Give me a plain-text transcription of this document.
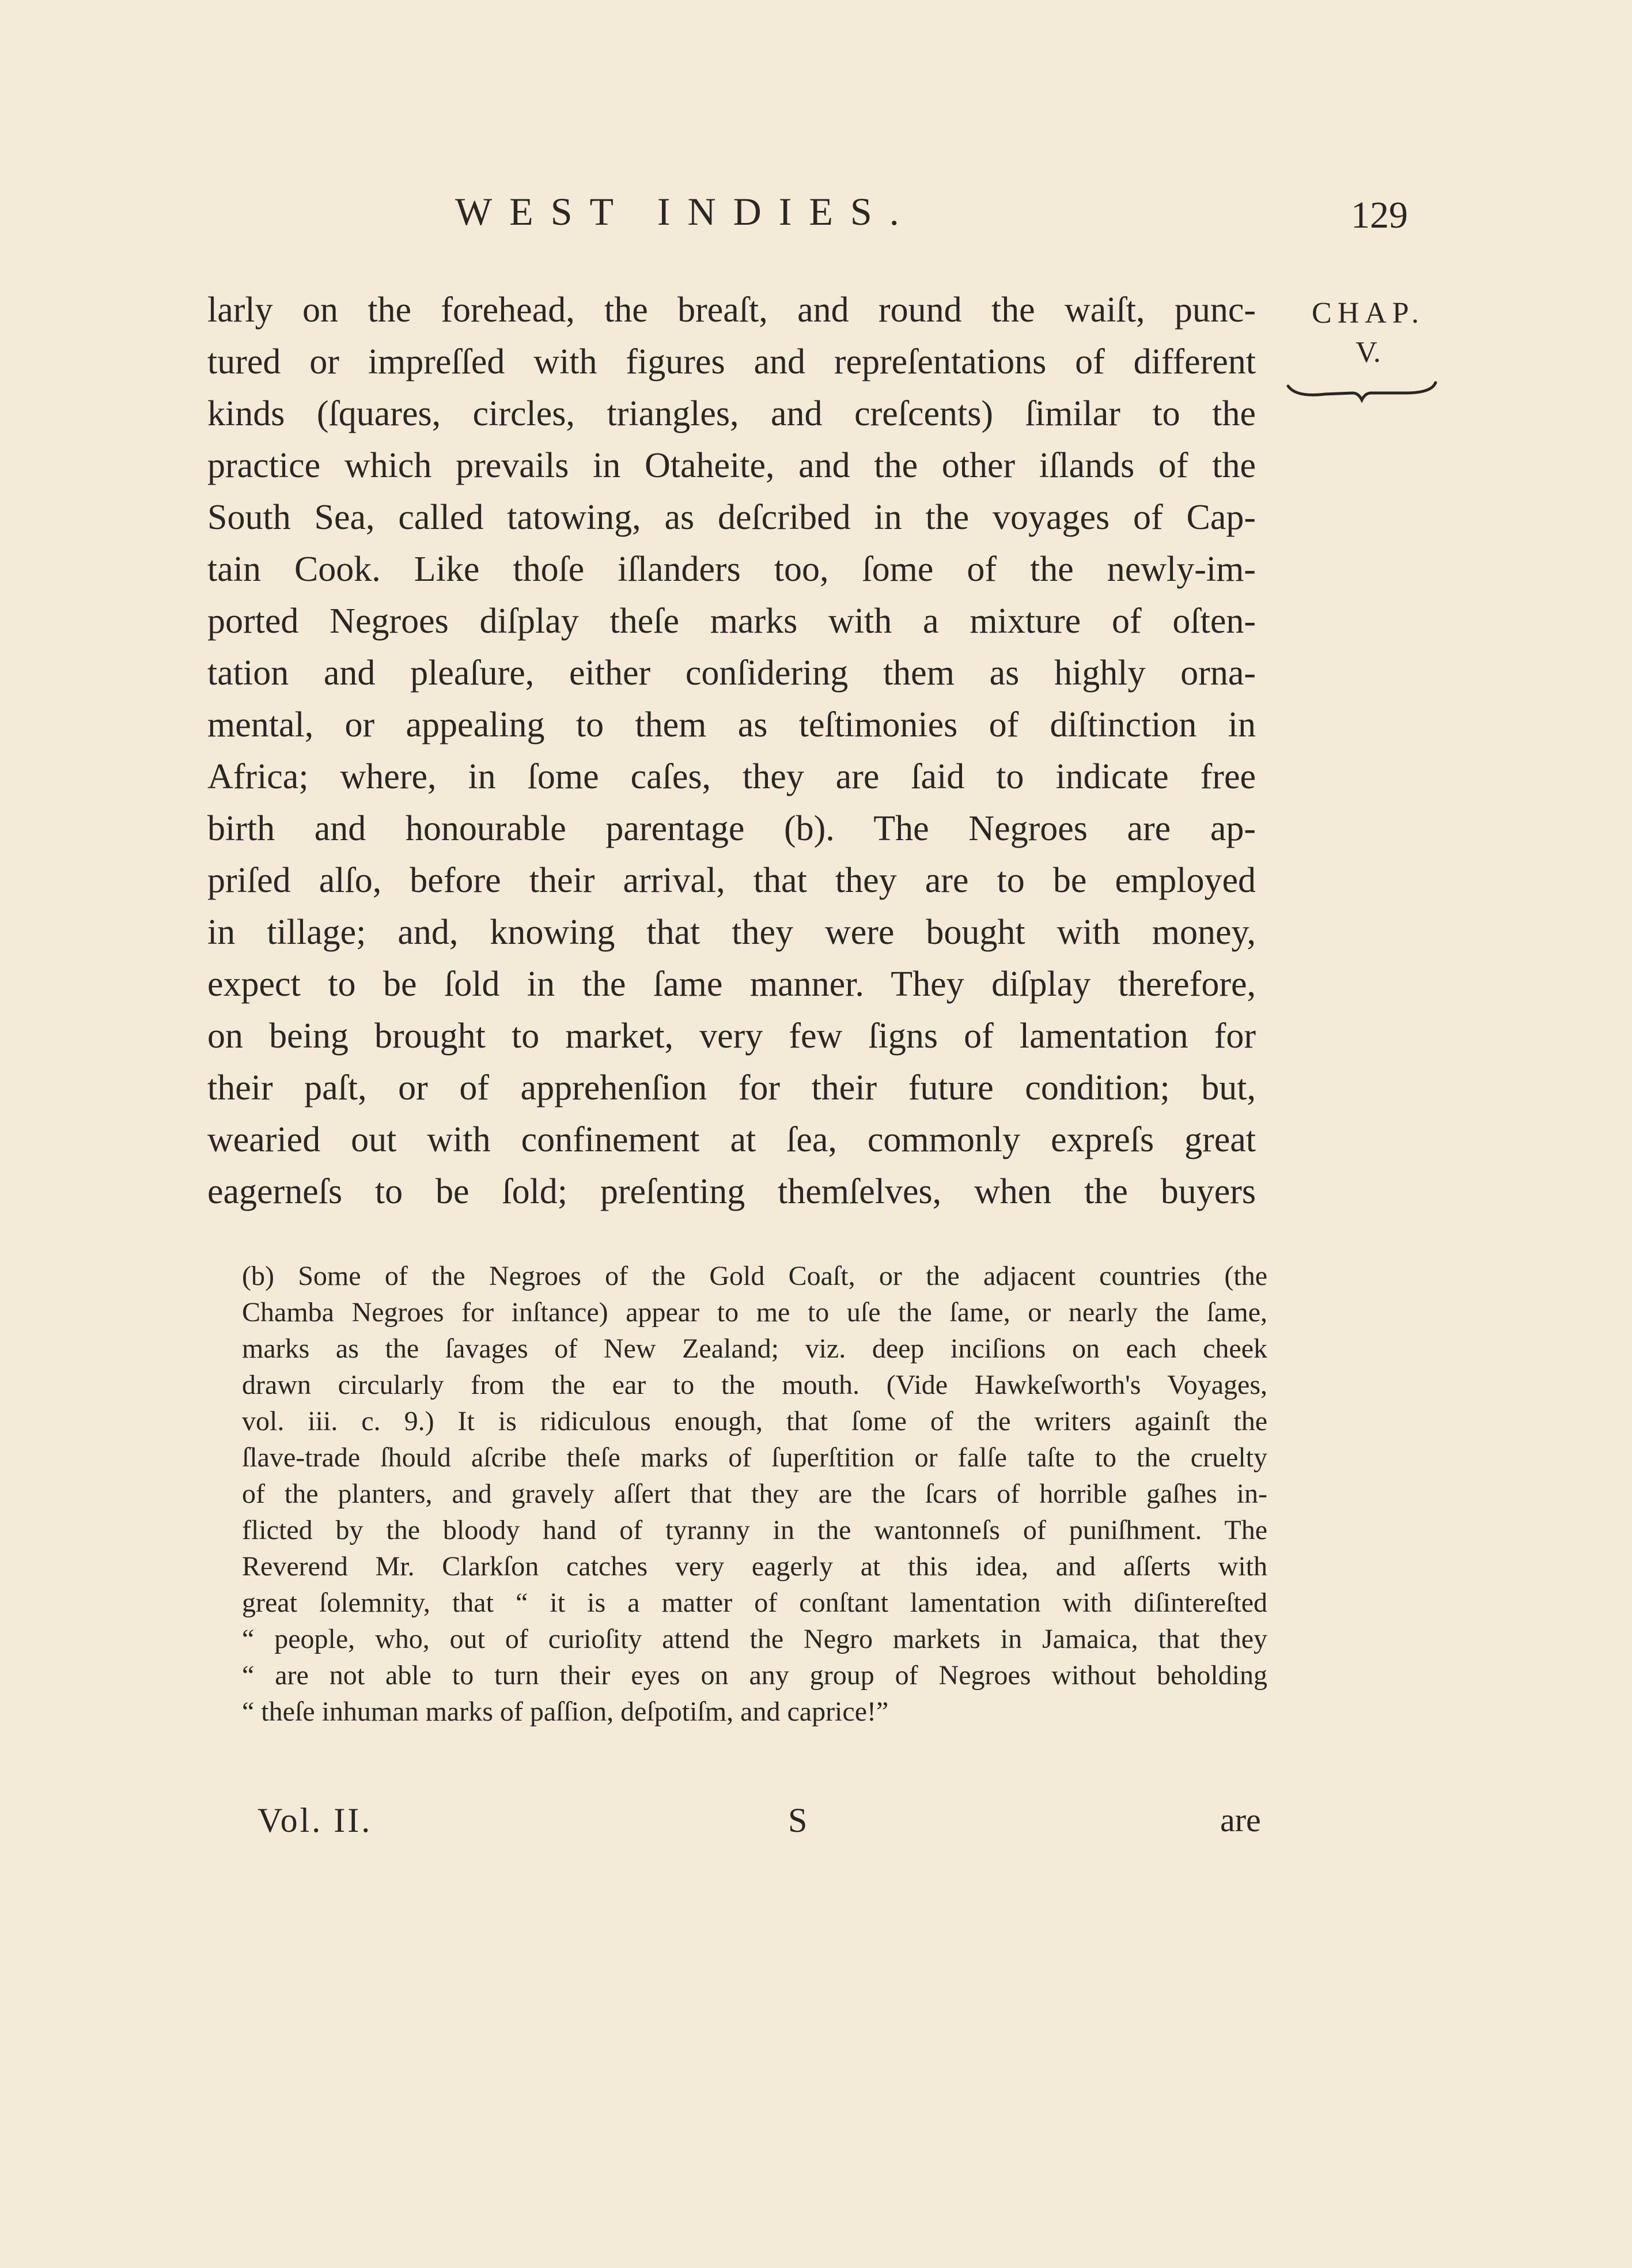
WEST INDIES.	129
CHAP.
V.
larly on the forehead, the breaſt, and round the waiſt, punc-
tured or impreſſed with figures and repreſentations of different
kinds (ſquares, circles, triangles, and creſcents) ſimilar to the
practice which prevails in Otaheite, and the other iſlands of the
South Sea, called tatowing, as deſcribed in the voyages of Cap-
tain Cook. Like thoſe iſlanders too, ſome of the newly-im-
ported Negroes diſplay theſe marks with a mixture of oſten-
tation and pleaſure, either conſidering them as highly orna-
mental, or appealing to them as teſtimonies of diſtinction in
Africa; where, in ſome caſes, they are ſaid to indicate free
birth and honourable parentage (b). The Negroes are ap-
priſed alſo, before their arrival, that they are to be employed
in tillage; and, knowing that they were bought with money,
expect to be ſold in the ſame manner. They diſplay therefore,
on being brought to market, very few ſigns of lamentation for
their paſt, or of apprehenſion for their future condition; but,
wearied out with confinement at ſea, commonly expreſs great
eagerneſs to be ſold; preſenting themſelves, when the buyers
(b) Some of the Negroes of the Gold Coaſt, or the adjacent countries (the
Chamba Negroes for inſtance) appear to me to uſe the ſame, or nearly the ſame,
marks as the ſavages of New Zealand; viz. deep inciſions on each cheek
drawn circularly from the ear to the mouth. (Vide Hawkeſworth's Voyages,
vol. iii. c. 9.) It is ridiculous enough, that ſome of the writers againſt the
ſlave-trade ſhould aſcribe theſe marks of ſuperſtition or falſe taſte to the cruelty
of the planters, and gravely aſſert that they are the ſcars of horrible gaſhes in-
flicted by the bloody hand of tyranny in the wantonneſs of puniſhment. The
Reverend Mr. Clarkſon catches very eagerly at this idea, and aſſerts with
great ſolemnity, that “ it is a matter of conſtant lamentation with diſintereſted
“ people, who, out of curioſity attend the Negro markets in Jamaica, that they
“ are not able to turn their eyes on any group of Negroes without beholding
“ theſe inhuman marks of paſſion, deſpotiſm, and caprice!”
Vol. II.	S	are
